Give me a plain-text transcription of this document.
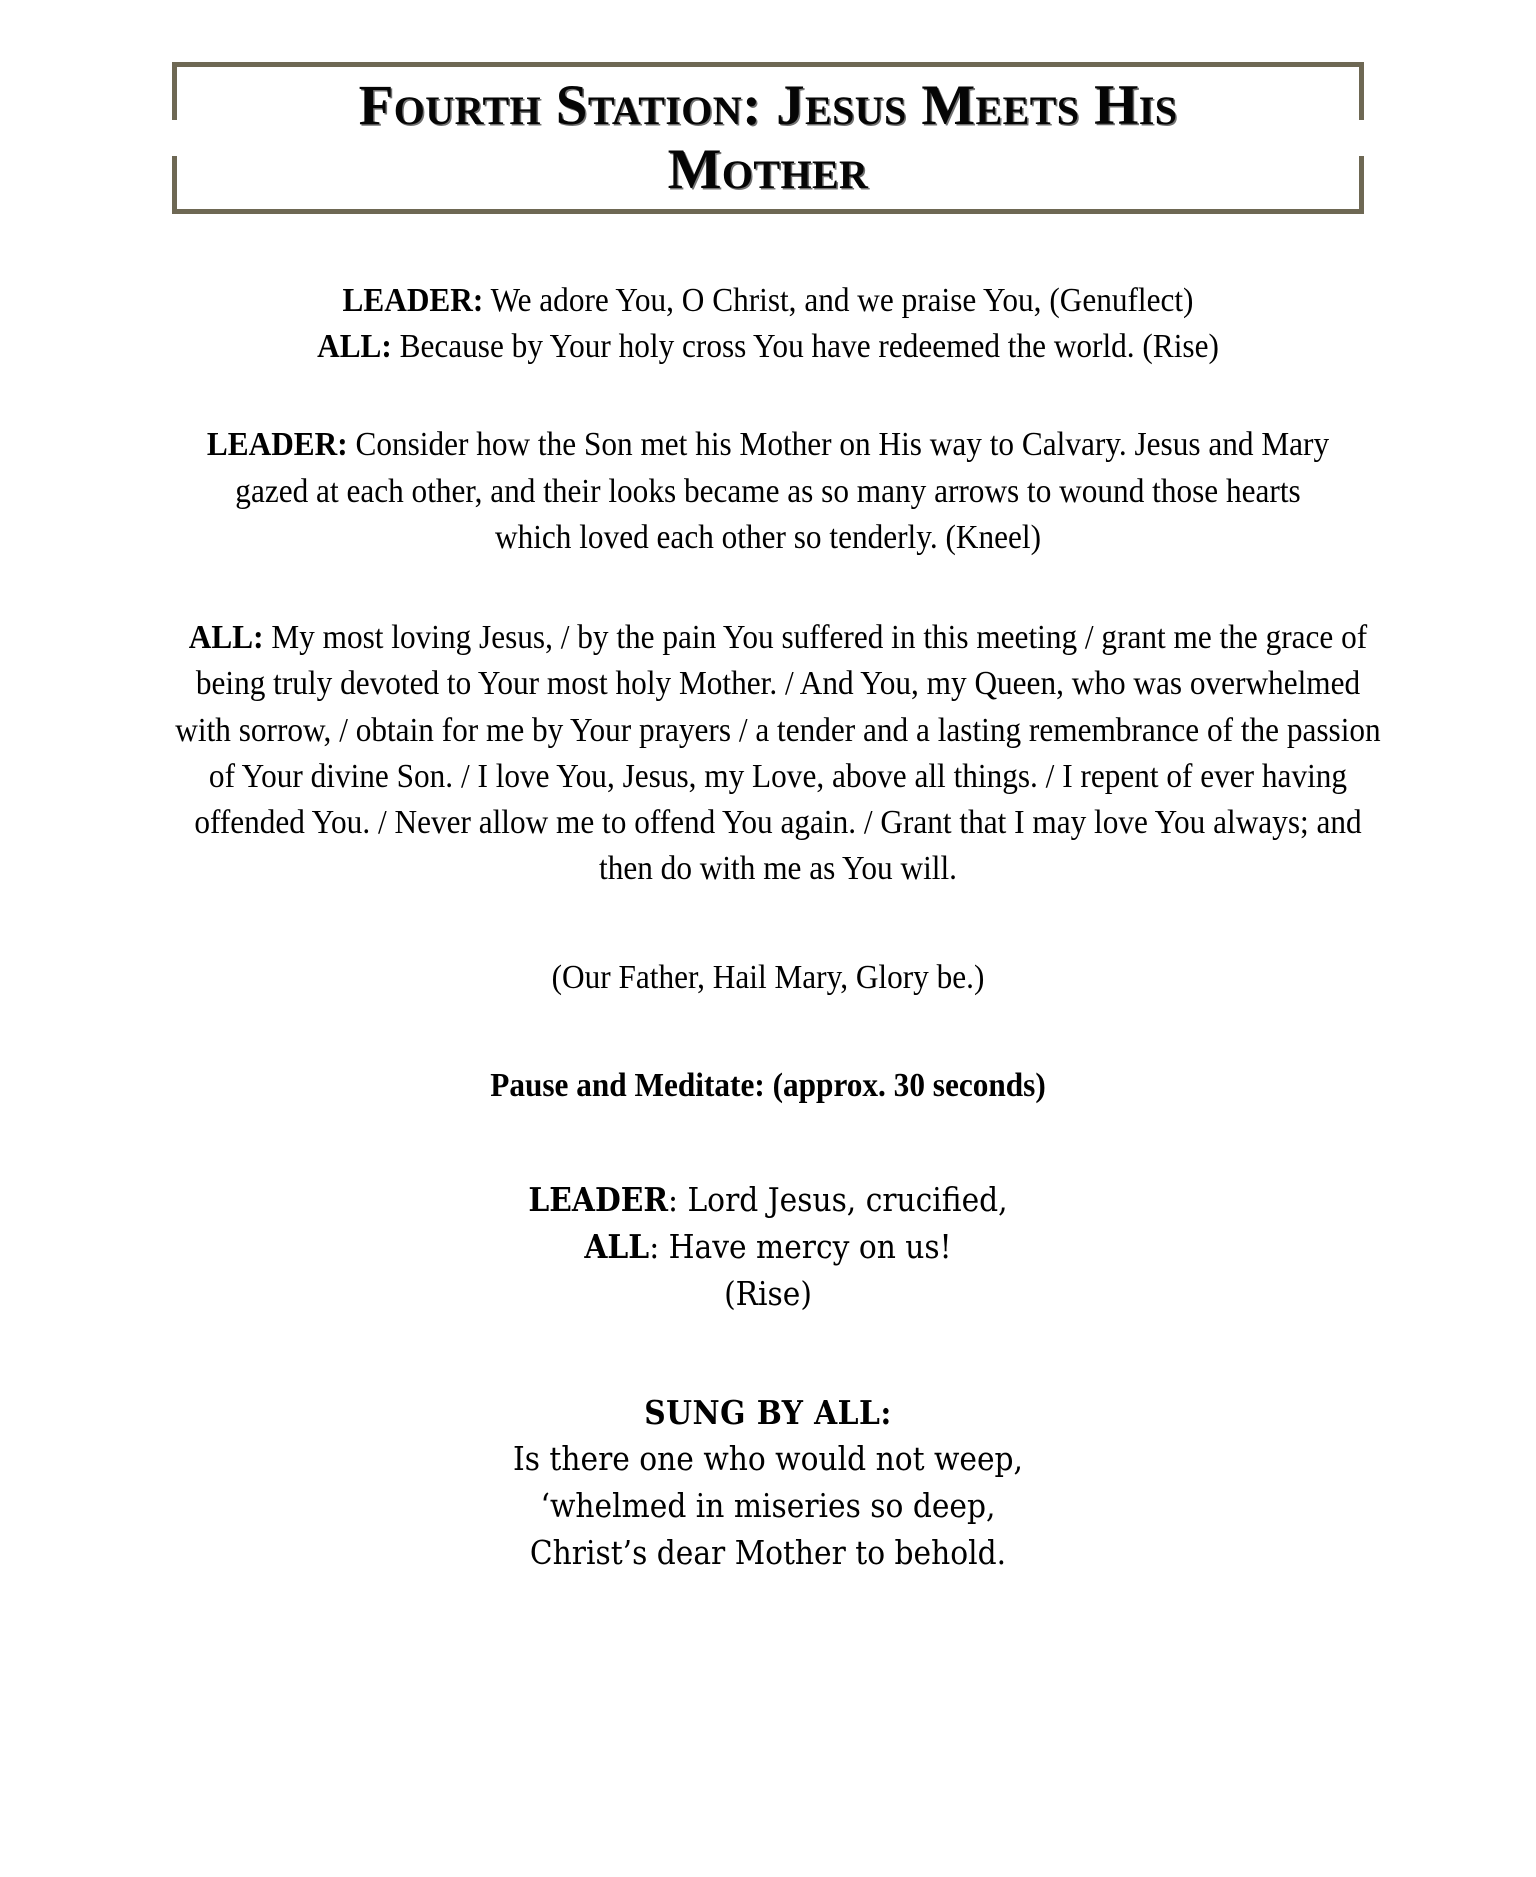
Fourth Station: Jesus Meets His
Mother
LEADER: We adore You, O Christ, and we praise You, (Genuflect)
ALL: Because by Your holy cross You have redeemed the world. (Rise)
LEADER: Consider how the Son met his Mother on His way to Calvary. Jesus and Mary gazed at each other, and their looks became as so many arrows to wound those hearts which loved each other so tenderly. (Kneel)
ALL: My most loving Jesus, / by the pain You suffered in this meeting / grant me the grace of being truly devoted to Your most holy Mother. / And You, my Queen, who was overwhelmed with sorrow, / obtain for me by Your prayers / a tender and a lasting remembrance of the passion of Your divine Son. / I love You, Jesus, my Love, above all things. / I repent of ever having offended You. / Never allow me to offend You again. / Grant that I may love You always; and then do with me as You will.
(Our Father, Hail Mary, Glory be.)
Pause and Meditate: (approx. 30 seconds)
LEADER: Lord Jesus, crucified,
ALL: Have mercy on us!
(Rise)
SUNG BY ALL:
Is there one who would not weep,
‘whelmed in miseries so deep,
Christ’s dear Mother to behold.
